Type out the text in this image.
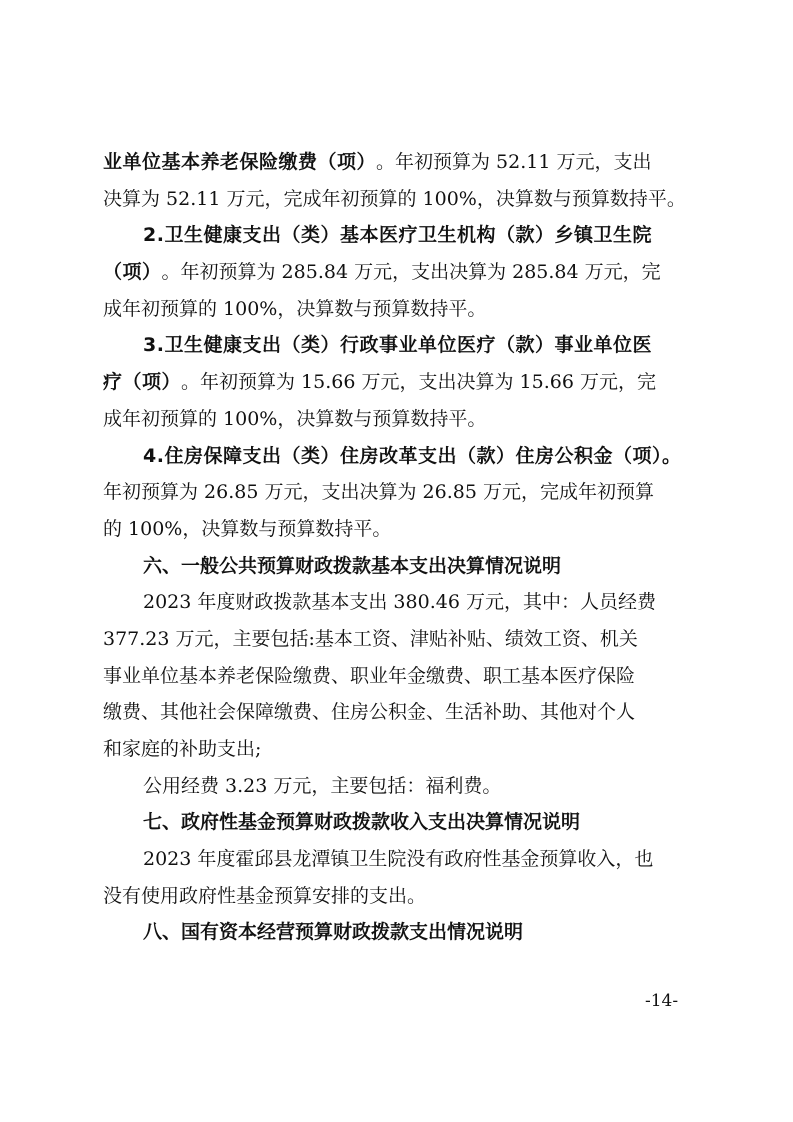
业单位基本养老保险缴费（项） 。年初预算为 52.11 万元，支出
决算为 52.11 万元，完成年初预算的 100%，决算数与预算数持平。
2.卫生健康支出（类）基本医疗卫生机构（款）乡镇卫生院
（项） 。年初预算为 285.84 万元，支出决算为 285.84 万元，完
成年初预算的 100%，决算数与预算数持平。
3.卫生健康支出（类）行政事业单位医疗（款）事业单位医
疗（项） 。年初预算为 15.66 万元，支出决算为 15.66 万元，完
成年初预算的 100%，决算数与预算数持平。
4.住房保障支出（类）住房改革支出（款）住房公积金（项）。
年初预算为 26.85 万元，支出决算为 26.85 万元，完成年初预算
的 100%，决算数与预算数持平。
六、一般公共预算财政拨款基本支出决算情况说明
2023 年度财政拨款基本支出 380.46 万元，其中：人员经费
377.23 万元，主要包括:基本工资、津贴补贴、绩效工资、机关
事业单位基本养老保险缴费、职业年金缴费、职工基本医疗保险
缴费、其他社会保障缴费、住房公积金、生活补助、其他对个人
和家庭的补助支出;
公用经费 3.23 万元，主要包括：福利费。
七、政府性基金预算财政拨款收入支出决算情况说明
2023 年度霍邱县龙潭镇卫生院没有政府性基金预算收入，也
没有使用政府性基金预算安排的支出。
八、国有资本经营预算财政拨款支出情况说明
-14-
